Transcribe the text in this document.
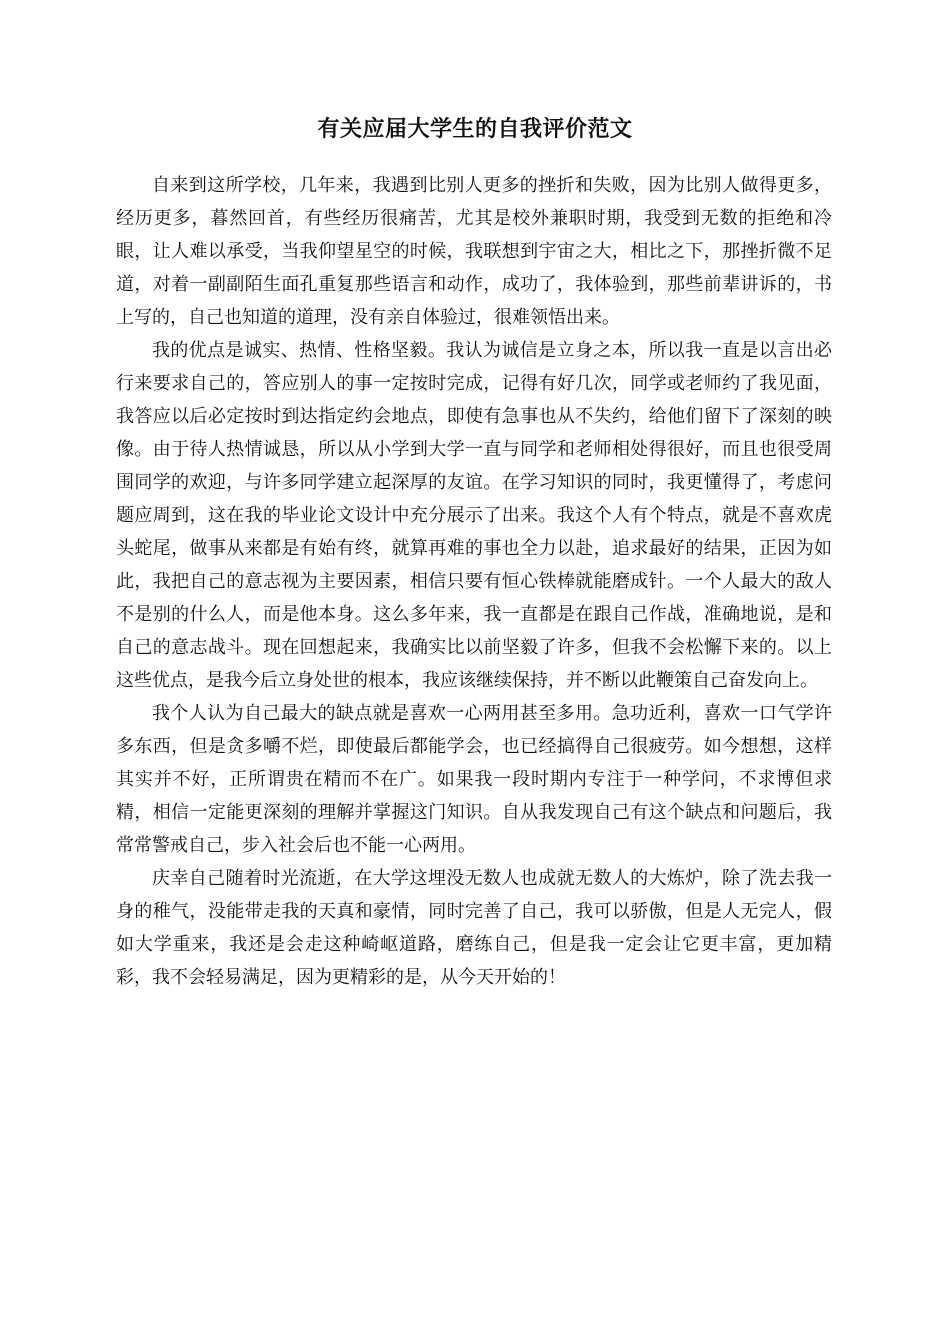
有关应届大学生的自我评价范文

自来到这所学校，几年来，我遇到比别人更多的挫折和失败，因为比别人做得更多，经历更多，暮然回首，有些经历很痛苦，尤其是校外兼职时期，我受到无数的拒绝和冷眼，让人难以承受，当我仰望星空的时候，我联想到宇宙之大，相比之下，那挫折微不足道，对着一副副陌生面孔重复那些语言和动作，成功了，我体验到，那些前辈讲诉的，书上写的，自己也知道的道理，没有亲自体验过，很难领悟出来。

我的优点是诚实、热情、性格坚毅。我认为诚信是立身之本，所以我一直是以言出必行来要求自己的，答应别人的事一定按时完成，记得有好几次，同学或老师约了我见面，我答应以后必定按时到达指定约会地点，即使有急事也从不失约，给他们留下了深刻的映像。由于待人热情诚恳，所以从小学到大学一直与同学和老师相处得很好，而且也很受周围同学的欢迎，与许多同学建立起深厚的友谊。在学习知识的同时，我更懂得了，考虑问题应周到，这在我的毕业论文设计中充分展示了出来。我这个人有个特点，就是不喜欢虎头蛇尾，做事从来都是有始有终，就算再难的事也全力以赴，追求最好的结果，正因为如此，我把自己的意志视为主要因素，相信只要有恒心铁棒就能磨成针。一个人最大的敌人不是别的什么人，而是他本身。这么多年来，我一直都是在跟自己作战，准确地说，是和自己的意志战斗。现在回想起来，我确实比以前坚毅了许多，但我不会松懈下来的。以上这些优点，是我今后立身处世的根本，我应该继续保持，并不断以此鞭策自己奋发向上。

我个人认为自己最大的缺点就是喜欢一心两用甚至多用。急功近利，喜欢一口气学许多东西，但是贪多嚼不烂，即使最后都能学会，也已经搞得自己很疲劳。如今想想，这样其实并不好，正所谓贵在精而不在广。如果我一段时期内专注于一种学问，不求博但求精，相信一定能更深刻的理解并掌握这门知识。自从我发现自己有这个缺点和问题后，我常常警戒自己，步入社会后也不能一心两用。

庆幸自己随着时光流逝，在大学这埋没无数人也成就无数人的大炼炉，除了洗去我一身的稚气，没能带走我的天真和豪情，同时完善了自己，我可以骄傲，但是人无完人，假如大学重来，我还是会走这种崎岖道路，磨练自己，但是我一定会让它更丰富，更加精彩，我不会轻易满足，因为更精彩的是，从今天开始的！
